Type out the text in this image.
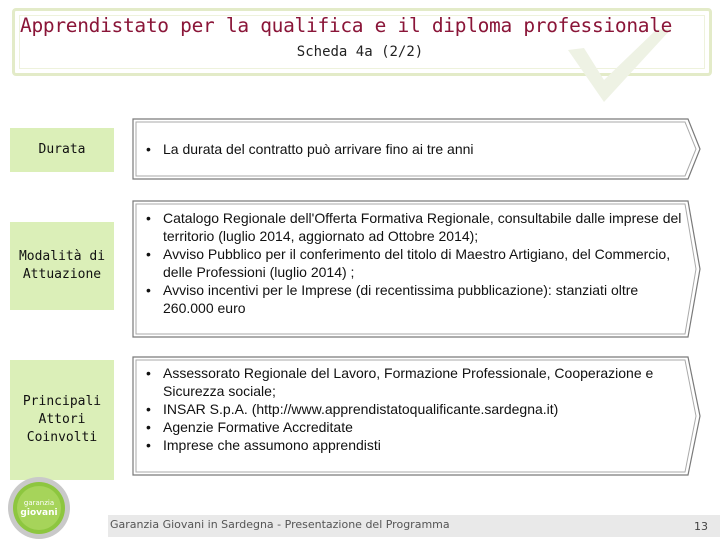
Apprendistato per la qualifica e il diploma professionale
Scheda 4a (2/2)
Durata
•	La durata del contratto può arrivare fino ai tre anni
Modalità di
Attuazione
• Catalogo Regionale dell'Offerta Formativa Regionale, consultabile dalle imprese del territorio (luglio 2014, aggiornato ad Ottobre 2014);
• Avviso Pubblico per il conferimento del titolo di Maestro Artigiano, del Commercio, delle Professioni (luglio 2014) ;
• Avviso incentivi per le Imprese (di recentissima pubblicazione): stanziati oltre 260.000 euro
Principali
Attori
Coinvolti
• Assessorato Regionale del Lavoro, Formazione Professionale, Cooperazione e Sicurezza sociale;
• INSAR S.p.A. (http://www.apprendistatoqualificante.sardegna.it)
• Agenzie Formative Accreditate
• Imprese che assumono apprendisti
garanzia
giovani
Garanzia Giovani in Sardegna - Presentazione del Programma	13
